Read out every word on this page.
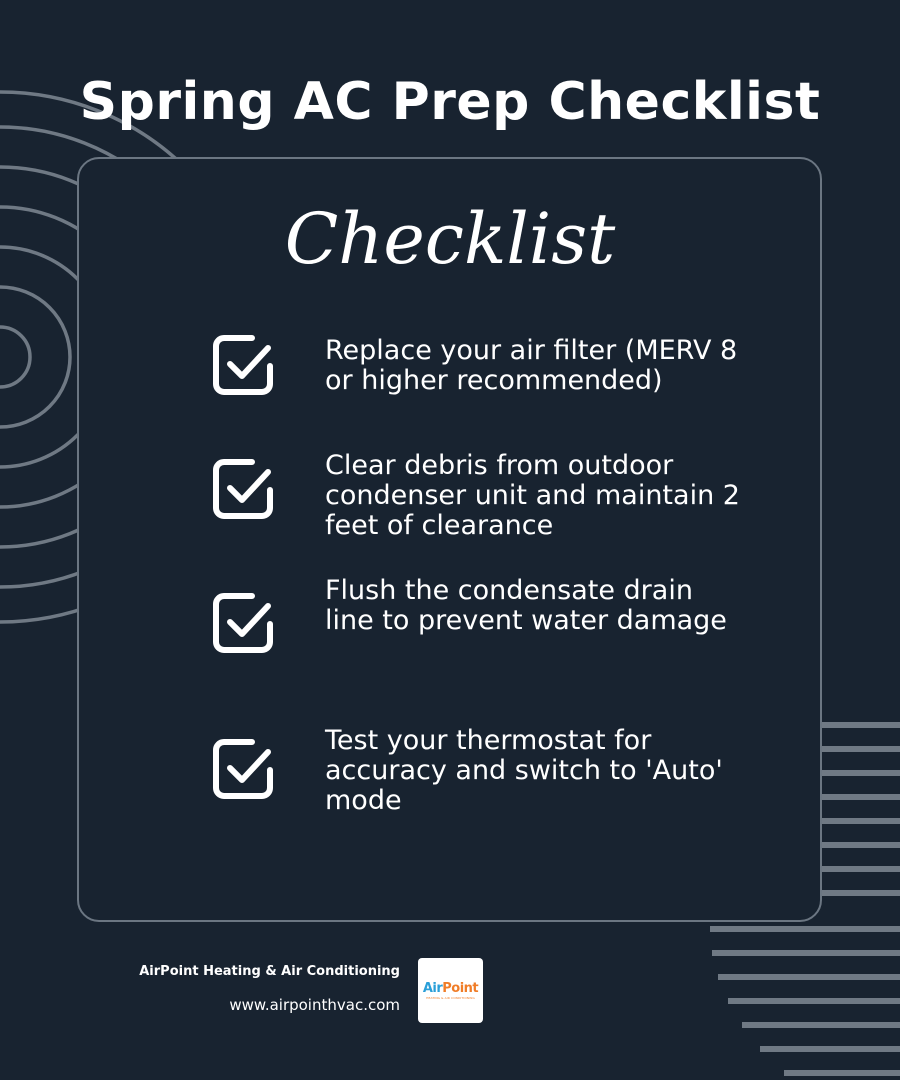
Spring AC Prep Checklist
Checklist
Replace your air filter (MERV 8 or higher recommended)
Clear debris from outdoor condenser unit and maintain 2 feet of clearance
Flush the condensate drain line to prevent water damage
Test your thermostat for accuracy and switch to 'Auto' mode
AirPoint Heating & Air Conditioning
www.airpointhvac.com
AirPoint
HEATING & AIR CONDITIONING
